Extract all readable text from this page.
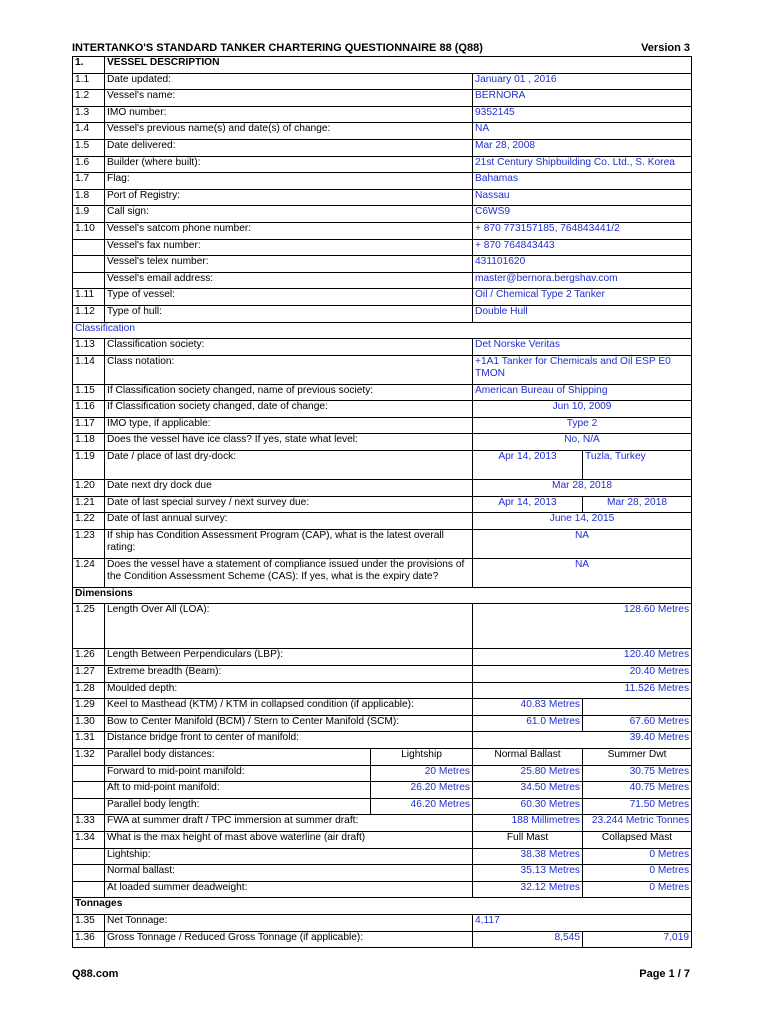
INTERTANKO'S STANDARD TANKER CHARTERING QUESTIONNAIRE 88 (Q88)	Version 3
1.	VESSEL DESCRIPTION			
1.1	Date updated:		January 01 , 2016	
1.2	Vessel's name:		BERNORA	
1.3	IMO number:		9352145	
1.4	Vessel's previous name(s) and date(s) of change:		NA	
1.5	Date delivered:		Mar 28, 2008	
1.6	Builder (where built):		21st Century Shipbuilding Co. Ltd., S. Korea	
1.7	Flag:		Bahamas	
1.8	Port of Registry:		Nassau	
1.9	Call sign:		C6WS9	
1.10	Vessel's satcom phone number:		+ 870 773157185, 764843441/2	
	Vessel's fax number:		+ 870 764843443	
	Vessel's telex number:		431101620	
	Vessel's email address:		master@bernora.bergshav.com	
1.11	Type of vessel:		Oil / Chemical Type 2 Tanker	
1.12	Type of hull:		Double Hull	
Classification				
1.13	Classification society:		Det Norske Veritas	
1.14	Class notation:		+1A1 Tanker for Chemicals and Oil ESP E0 TMON	
1.15	If Classification society changed, name of previous society:		American Bureau of Shipping	
1.16	If Classification society changed, date of change:		Jun 10, 2009	
1.17	IMO type, if applicable:		Type 2	
1.18	Does the vessel have ice class? If yes, state what level:		No, N/A	
1.19	Date / place of last dry-dock:		Apr 14, 2013	Tuzla, Turkey
1.20	Date next dry dock due		Mar 28, 2018	
1.21	Date of last special survey / next survey due:		Apr 14, 2013	Mar 28, 2018
1.22	Date of last annual survey:		June 14, 2015	
1.23	If ship has Condition Assessment Program (CAP), what is the latest overall rating:		NA	
1.24	Does the vessel have a statement of compliance issued under the provisions of the Condition Assessment Scheme (CAS): If yes, what is the expiry date?		NA	
Dimensions				
1.25	Length Over All (LOA):		128.60 Metres	
1.26	Length Between Perpendiculars (LBP):		120.40 Metres	
1.27	Extreme breadth (Beam):		20.40 Metres	
1.28	Moulded depth:		11.526 Metres	
1.29	Keel to Masthead (KTM) / KTM in collapsed condition (if applicable):		40.83 Metres	
1.30	Bow to Center Manifold (BCM) / Stern to Center Manifold (SCM):		61.0 Metres	67.60 Metres
1.31	Distance bridge front to center of manifold:		39.40 Metres	
1.32	Parallel body distances:	Lightship	Normal Ballast	Summer Dwt
	Forward to mid-point manifold:	20 Metres	25.80 Metres	30.75 Metres
	Aft to mid-point manifold:	26.20 Metres	34.50 Metres	40.75 Metres
	Parallel body length:	46.20 Metres	60.30 Metres	71.50 Metres
1.33	FWA at summer draft / TPC immersion at summer draft:		188 Millimetres	23.244 Metric Tonnes
1.34	What is the max height of mast above waterline (air draft)		Full Mast	Collapsed Mast
	Lightship:		38.38 Metres	0 Metres
	Normal ballast:		35.13 Metres	0 Metres
	At loaded summer deadweight:		32.12 Metres	0 Metres
Tonnages				
1.35	Net Tonnage:		4,117	
1.36	Gross Tonnage / Reduced Gross Tonnage (if applicable):		8,545	7,019
Q88.com	Page 1 / 7
